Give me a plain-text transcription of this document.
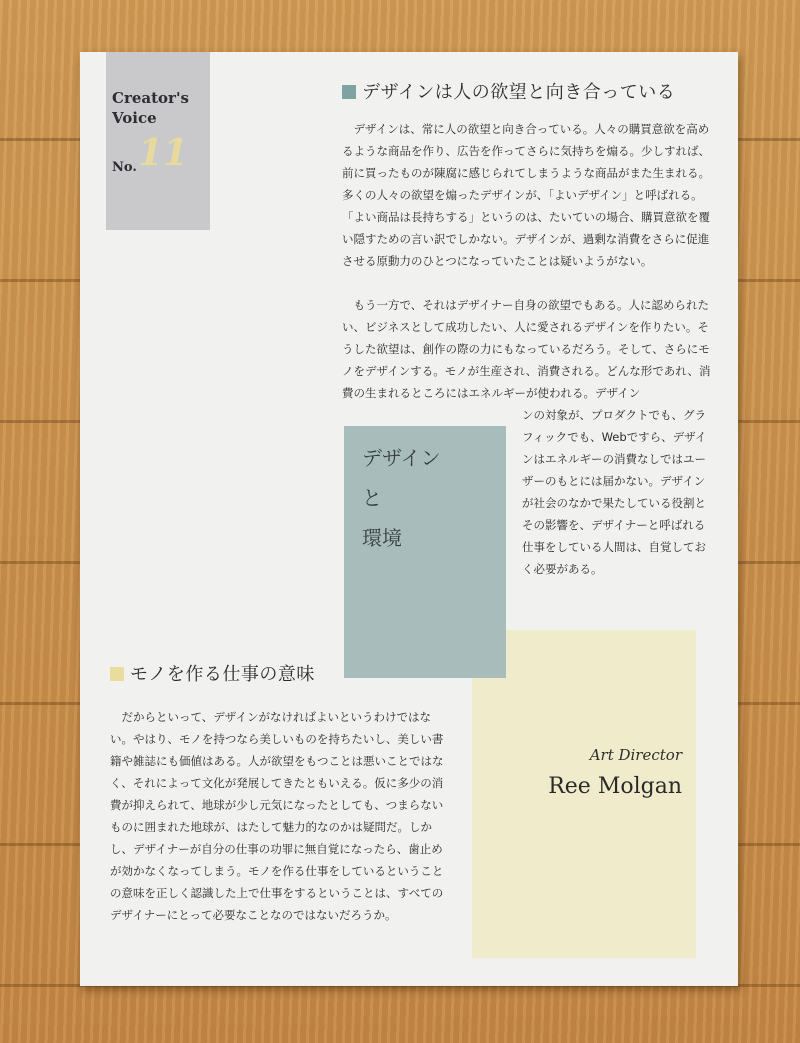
Creator's
Voice
No. 11
デザインは人の欲望と向き合っている

　デザインは、常に人の欲望と向き合っている。人々の購買意欲を高めるような商品を作り、広告を作ってさらに気持ちを煽る。少しすれば、前に買ったものが陳腐に感じられてしまうような商品がまた生まれる。多くの人々の欲望を煽ったデザインが、「よいデザイン」と呼ばれる。「よい商品は長持ちする」というのは、たいていの場合、購買意欲を覆い隠すための言い訳でしかない。デザインが、過剰な消費をさらに促進させる原動力のひとつになっていたことは疑いようがない。

　もう一方で、それはデザイナー自身の欲望でもある。人に認められたい、ビジネスとして成功したい、人に愛されるデザインを作りたい。そうした欲望は、創作の際の力にもなっているだろう。そして、さらにモノをデザインする。モノが生産され、消費される。どんな形であれ、消費の生まれるところにはエネルギーが使われる。デザイン

ンの対象が、プロダクトでも、グラフィックでも、Webですら、デザインはエネルギーの消費なしではユーザーのもとには届かない。デザインが社会のなかで果たしている役割とその影響を、デザイナーと呼ばれる仕事をしている人間は、自覚しておく必要がある。

Art Director
Ree Molgan
デザイン
と
環境
モノを作る仕事の意味

　だからといって、デザインがなければよいというわけではない。やはり、モノを持つなら美しいものを持ちたいし、美しい書籍や雑誌にも価値はある。人が欲望をもつことは悪いことではなく、それによって文化が発展してきたともいえる。仮に多少の消費が抑えられて、地球が少し元気になったとしても、つまらないものに囲まれた地球が、はたして魅力的なのかは疑問だ。しかし、デザイナーが自分の仕事の功罪に無自覚になったら、歯止めが効かなくなってしまう。モノを作る仕事をしているということの意味を正しく認識した上で仕事をするということは、すべてのデザイナーにとって必要なことなのではないだろうか。
